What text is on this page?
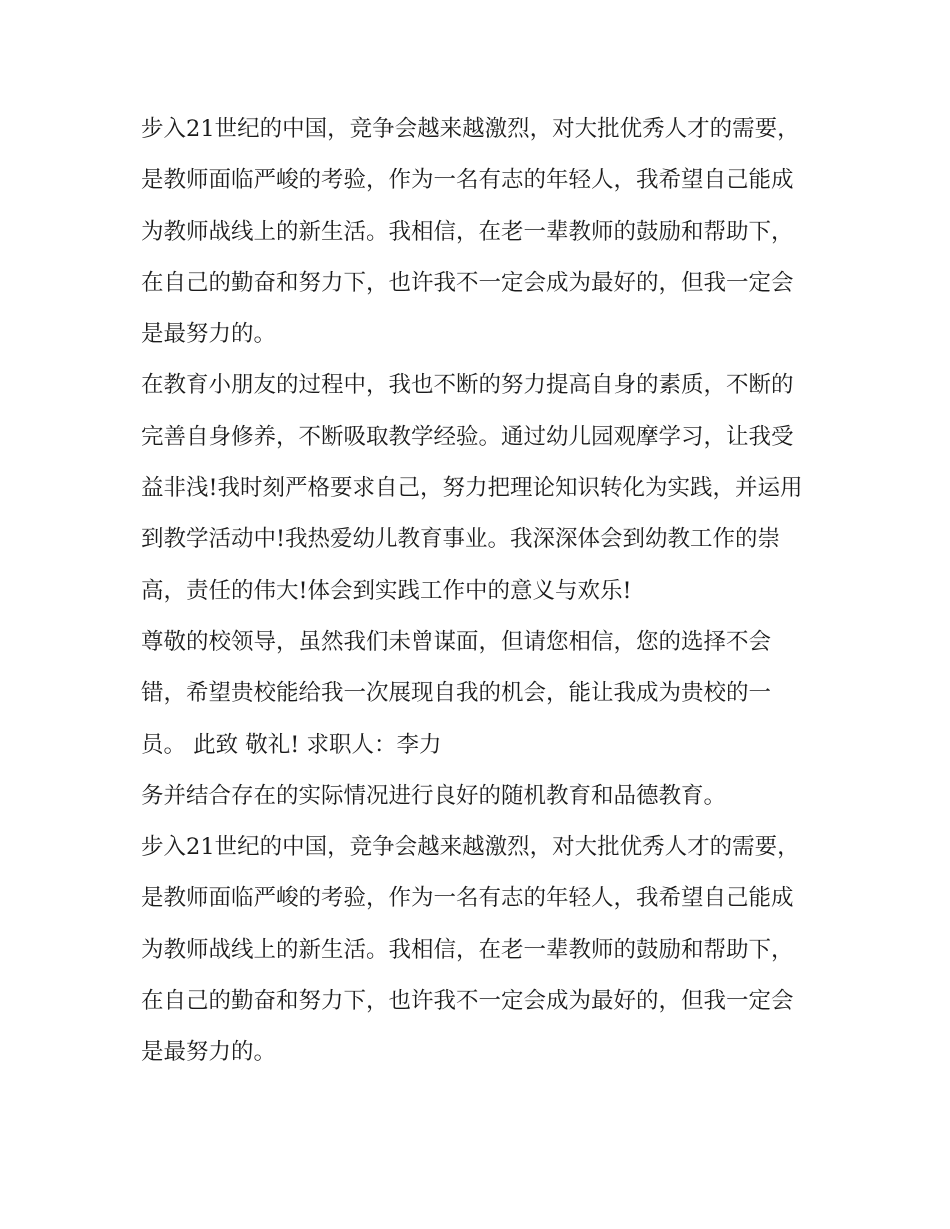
步入21世纪的中国，竞争会越来越激烈，对大批优秀人才的需要，是教师面临严峻的考验，作为一名有志的年轻人，我希望自己能成为教师战线上的新生活。我相信，在老一辈教师的鼓励和帮助下，在自己的勤奋和努力下，也许我不一定会成为最好的，但我一定会是最努力的。

在教育小朋友的过程中，我也不断的努力提高自身的素质，不断的完善自身修养，不断吸取教学经验。通过幼儿园观摩学习，让我受益非浅!我时刻严格要求自己，努力把理论知识转化为实践，并运用到教学活动中!我热爱幼儿教育事业。我深深体会到幼教工作的崇高，责任的伟大!体会到实践工作中的意义与欢乐!

尊敬的校领导，虽然我们未曾谋面，但请您相信，您的选择不会错，希望贵校能给我一次展现自我的机会，能让我成为贵校的一员。 此致 敬礼! 求职人：李力

务并结合存在的实际情况进行良好的随机教育和品德教育。

步入21世纪的中国，竞争会越来越激烈，对大批优秀人才的需要，是教师面临严峻的考验，作为一名有志的年轻人，我希望自己能成为教师战线上的新生活。我相信，在老一辈教师的鼓励和帮助下，在自己的勤奋和努力下，也许我不一定会成为最好的，但我一定会是最努力的。
